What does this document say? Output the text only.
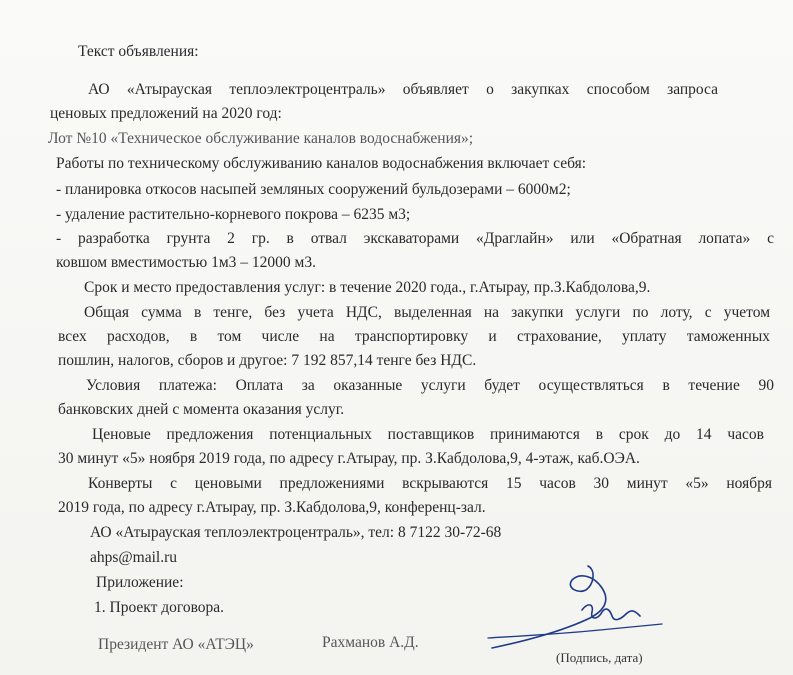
Текст объявления:
АО «Атырауская теплоэлектроцентраль» объявляет о закупках способом запроса
ценовых предложений на 2020 год:
Лот №10 «Техническое обслуживание каналов водоснабжения»;
Работы по техническому обслуживанию каналов водоснабжения включает себя:
- планировка откосов насыпей земляных сооружений бульдозерами – 6000м2;
- удаление растительно-корневого покрова – 6235 м3;
- разработка грунта 2 гр. в отвал экскаваторами «Драглайн» или «Обратная лопата» с
ковшом вместимостью 1м3 – 12000 м3.
Срок и место предоставления услуг: в течение 2020 года., г.Атырау, пр.З.Кабдолова,9.
Общая сумма в тенге, без учета НДС, выделенная на закупки услуги по лоту, с учетом
всех расходов, в том числе на транспортировку и страхование, уплату таможенных
пошлин, налогов, сборов и другое: 7 192 857,14 тенге без НДС.
Условия платежа: Оплата за оказанные услуги будет осуществляться в течение 90
банковских дней с момента оказания услуг.
Ценовые предложения потенциальных поставщиков принимаются в срок до 14 часов
30 минут «5» ноября 2019 года, по адресу г.Атырау, пр. З.Кабдолова,9, 4-этаж, каб.ОЭА.
Конверты с ценовыми предложениями вскрываются 15 часов 30 минут «5» ноября
2019 года, по адресу г.Атырау, пр. З.Кабдолова,9, конференц-зал.
АО «Атырауская теплоэлектроцентраль», тел: 8 7122 30-72-68
ahps@mail.ru
Приложение:
1. Проект договора.
Президент АО «АТЭЦ»	Рахманов А.Д.
(Подпись, дата)
